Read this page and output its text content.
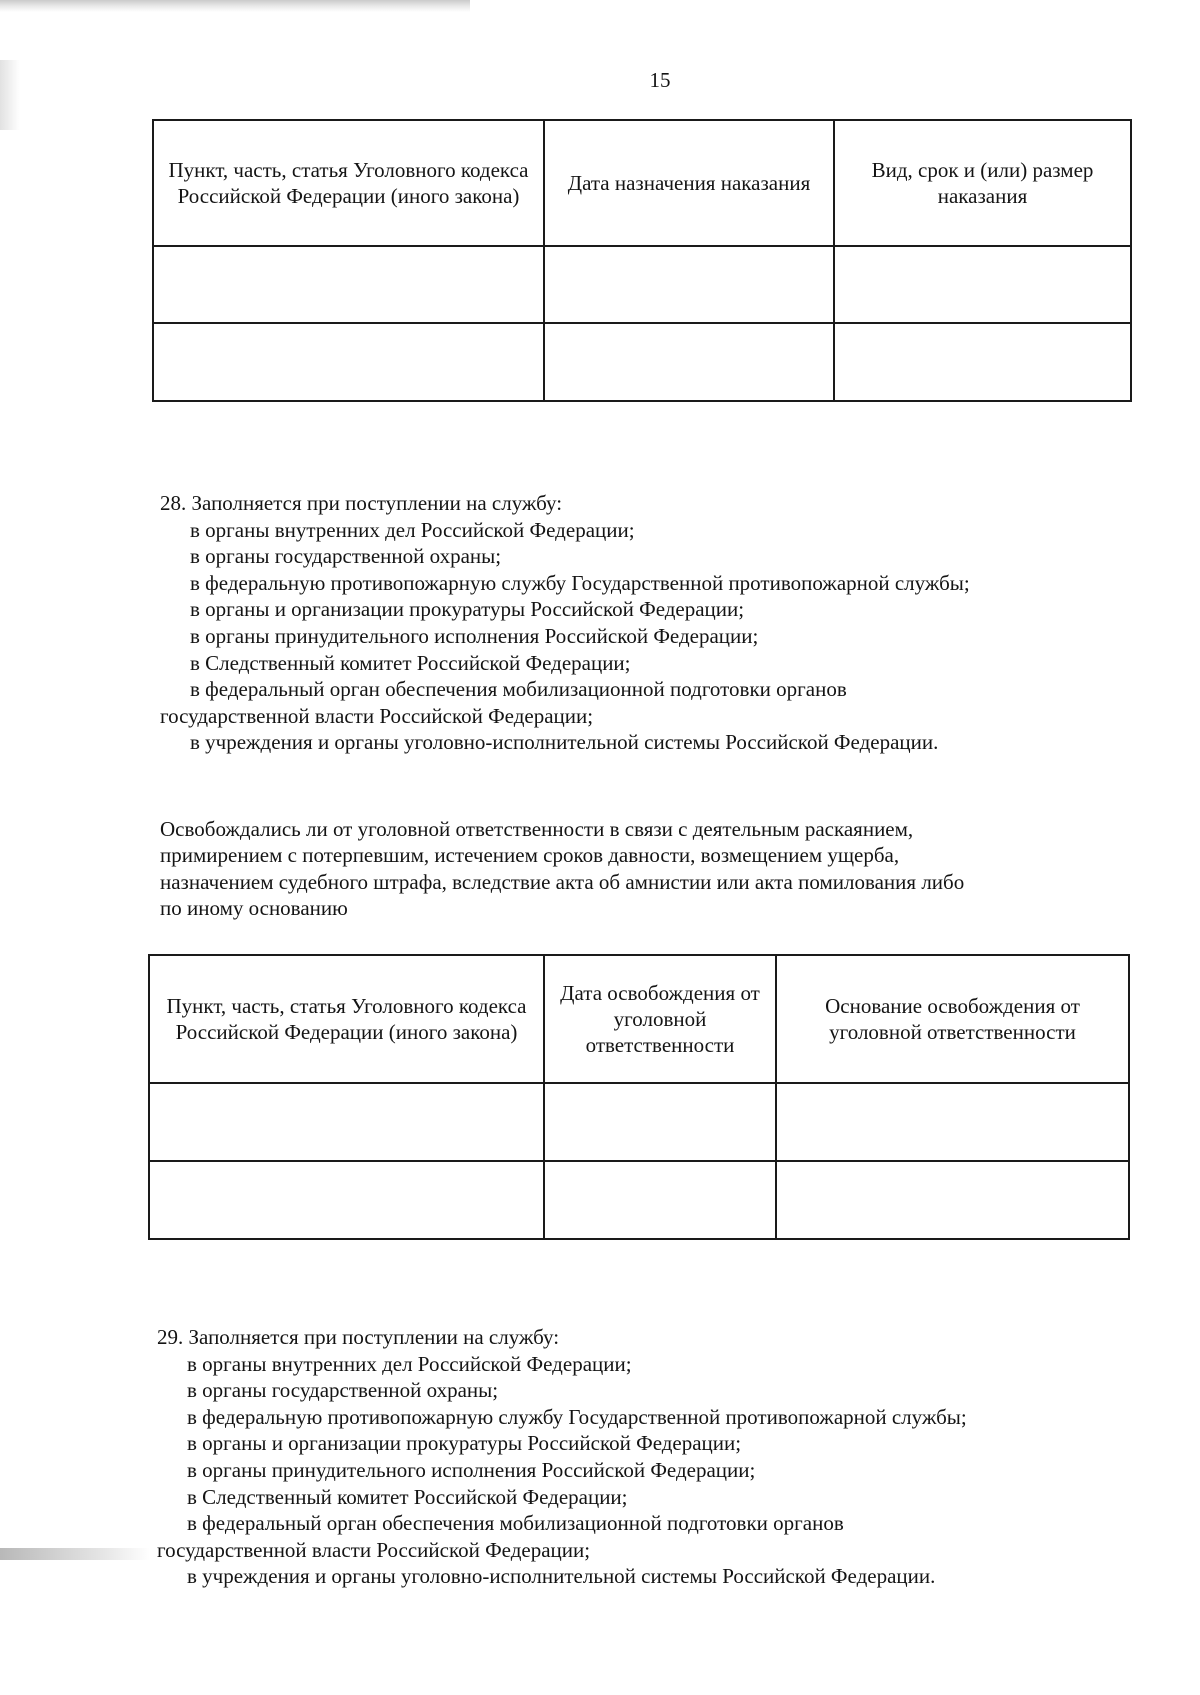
15
Пункт, часть, статья Уголовного кодекса Российской Федерации (иного закона)	Дата назначения наказания	Вид, срок и (или) размер наказания

28. Заполняется при поступлении на службу:

в органы внутренних дел Российской Федерации;

в органы государственной охраны;

в федеральную противопожарную службу Государственной противопожарной службы;

в органы и организации прокуратуры Российской Федерации;

в органы принудительного исполнения Российской Федерации;

в Следственный комитет Российской Федерации;

в федеральный орган обеспечения мобилизационной подготовки органов

государственной власти Российской Федерации;

в учреждения и органы уголовно-исполнительной системы Российской Федерации.

Освобождались ли от уголовной ответственности в связи с деятельным раскаянием,

примирением с потерпевшим, истечением сроков давности, возмещением ущерба,

назначением судебного штрафа, вследствие акта об амнистии или акта помилования либо

по иному основанию

Пункт, часть, статья Уголовного кодекса Российской Федерации (иного закона)	Дата освобождения от уголовной ответственности	Основание освобождения от уголовной ответственности

29. Заполняется при поступлении на службу:

в органы внутренних дел Российской Федерации;

в органы государственной охраны;

в федеральную противопожарную службу Государственной противопожарной службы;

в органы и организации прокуратуры Российской Федерации;

в органы принудительного исполнения Российской Федерации;

в Следственный комитет Российской Федерации;

в федеральный орган обеспечения мобилизационной подготовки органов

государственной власти Российской Федерации;

в учреждения и органы уголовно-исполнительной системы Российской Федерации.
